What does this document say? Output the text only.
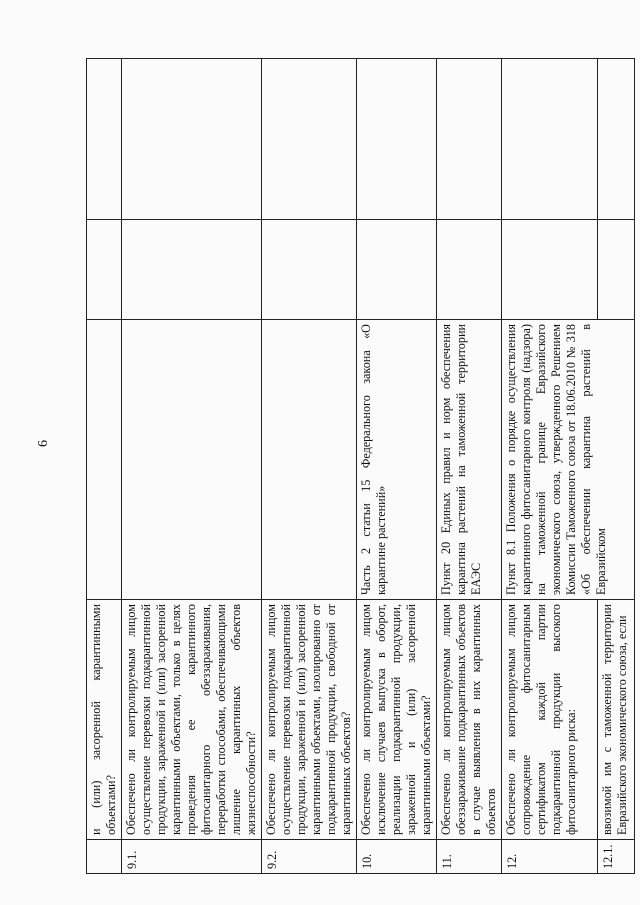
6
	и (или) засоренной карантинными объектами?			
9.1.	Обеспечено ли контролируемым лицом осуществление перевозки подкарантинной продукции, зараженной и (или) засоренной карантинными объектами, только в целях проведения ее карантинного фитосанитарного обеззараживания, переработки способами, обеспечивающими лишение карантинных объектов жизнеспособности?			
9.2.	Обеспечено ли контролируемым лицом осуществление перевозки подкарантинной продукции, зараженной и (или) засоренной карантинными объектами, изолированно от подкарантинной продукции, свободной от карантинных объектов?			
10.	Обеспечено ли контролируемым лицом исключение случаев выпуска в оборот, реализации подкарантинной продукции, зараженной и (или) засоренной карантинными объектами?	Часть 2 статьи 15 Федерального закона «О карантине растений»		
11.	Обеспечено ли контролируемым лицом обеззараживание подкарантинных объектов в случае выявления в них карантинных объектов	Пункт 20 Единых правил и норм обеспечения карантина растений на таможенной территории ЕАЭС		
12.	Обеспечено ли контролируемым лицом сопровождение фитосанитарным сертификатом каждой партии подкарантинной продукции высокого фитосанитарного риска:	Пункт 8.1 Положения о порядке осуществления карантинного фитосанитарного контроля (надзора) на таможенной границе Евразийского экономического союза, утвержденного Решением Комиссии Таможенного союза от 18.06.2010 № 318 «Об обеспечении карантина растений в Евразийском		
12.1.	ввозимой им с таможенной территории Евразийского экономического союза, если			
